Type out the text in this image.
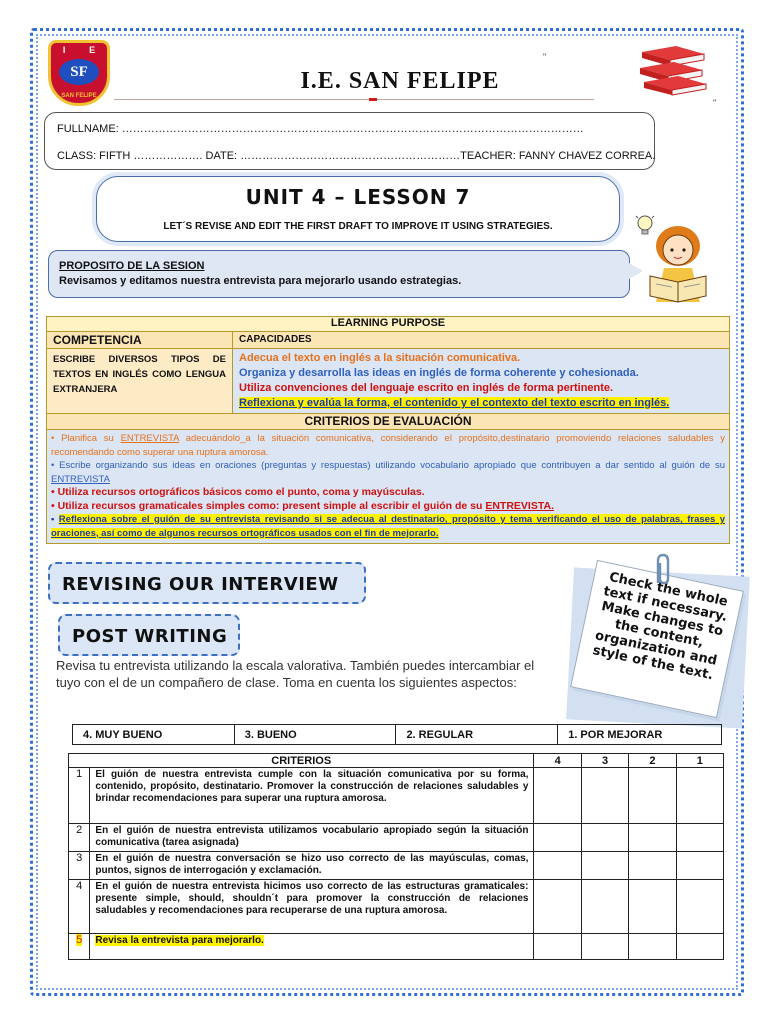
I	E
SF
SAN FELIPE
"
I.E. SAN FELIPE
"
FULLNAME: ………………………………………………………………………………………………………………
CLASS: FIFTH ………………. DATE: ……………………………………………………TEACHER: FANNY CHAVEZ CORREA.
UNIT 4 – LESSON 7
LET´S REVISE AND EDIT THE FIRST DRAFT TO IMPROVE IT USING STRATEGIES.
PROPOSITO DE LA SESION
Revisamos y editamos nuestra entrevista para mejorarlo usando estrategias.
LEARNING PURPOSE	
COMPETENCIA	CAPACIDADES
ESCRIBE DIVERSOS TIPOS DE TEXTOS EN INGLÉS COMO LENGUA EXTRANJERA	Adecua el texto en inglés a la situación comunicativa.
Organiza y desarrolla las ideas en inglés de forma coherente y cohesionada.
Utiliza convenciones del lenguaje escrito en inglés de forma pertinente.
Reflexiona y evalúa la forma, el contenido y el contexto del texto escrito en inglés.
CRITERIOS DE EVALUACIÓN	

• Planifica su ENTREVISTA adecuándolo_a la situación comunicativa, considerando el propósito,destinatario promoviendo relaciones saludables y recomendando como superar una ruptura amorosa.
• Escribe organizando sus ideas en oraciones (preguntas y respuestas) utilizando vocabulario apropiado que contribuyen a dar sentido al guión de su ENTREVISTA
• Utiliza recursos ortográficos básicos como el punto, coma y mayúsculas.
• Utiliza recursos gramaticales simples como: present simple al escribir el guión de su ENTREVISTA.
• Reflexiona sobre el guión de su entrevista revisando si se adecua al destinatario, propósito y tema verificando el uso de palabras, frases y oraciones, así como de algunos recursos ortográficos usados con el fin de mejorarlo.	
REVISING OUR INTERVIEW
POST WRITING
Revisa tu entrevista utilizando la escala valorativa. También puedes intercambiar el tuyo con el de un compañero de clase. Toma en cuenta los siguientes aspectos:
Check the whole text if necessary. Make changes to the content, organization and style of the text.
4. MUY BUENO	3. BUENO	2. REGULAR	1. POR MEJORAR
CRITERIOS		4	3	2	1
1	El guión de nuestra entrevista cumple con la situación comunicativa por su forma, contenido, propósito, destinatario. Promover la construcción de relaciones saludables y brindar recomendaciones para superar una ruptura amorosa.				
2	En el guión de nuestra entrevista utilizamos vocabulario apropiado según la situación comunicativa (tarea asignada)				
3	En el guión de nuestra conversación se hizo uso correcto de las mayúsculas, comas, puntos, signos de interrogación y exclamación.				
4	En el guión de nuestra entrevista hicimos uso correcto de las estructuras gramaticales: presente simple, should, shouldn´t para promover la construcción de relaciones saludables y recomendaciones para recuperarse de una ruptura amorosa.				
5	Revisa la entrevista para mejorarlo.				
